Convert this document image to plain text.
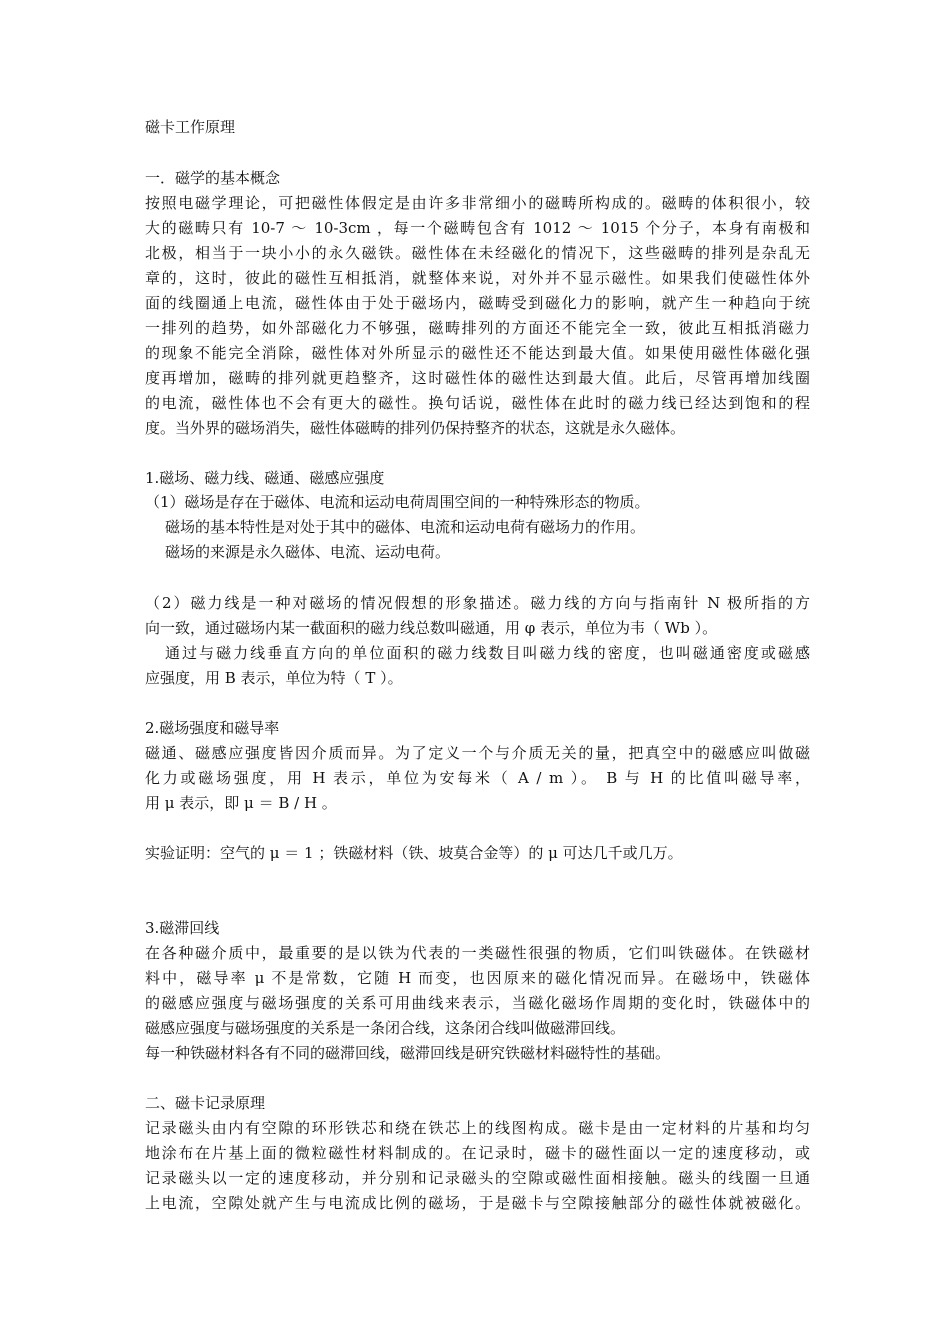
磁卡工作原理
一．磁学的基本概念
按照电磁学理论，可把磁性体假定是由许多非常细小的磁畴所构成的。磁畴的体积很小，较
大的磁畴只有 10-7 ～ 10-3cm ，每一个磁畴包含有 1012 ～ 1015 个分子，本身有南极和
北极，相当于一块小小的永久磁铁。磁性体在未经磁化的情况下，这些磁畴的排列是杂乱无
章的，这时，彼此的磁性互相抵消，就整体来说，对外并不显示磁性。如果我们使磁性体外
面的线圈通上电流，磁性体由于处于磁场内，磁畴受到磁化力的影响，就产生一种趋向于统
一排列的趋势，如外部磁化力不够强，磁畴排列的方面还不能完全一致，彼此互相抵消磁力
的现象不能完全消除，磁性体对外所显示的磁性还不能达到最大值。如果使用磁性体磁化强
度再增加，磁畴的排列就更趋整齐，这时磁性体的磁性达到最大值。此后，尽管再增加线圈
的电流，磁性体也不会有更大的磁性。换句话说，磁性体在此时的磁力线已经达到饱和的程
度。当外界的磁场消失，磁性体磁畴的排列仍保持整齐的状态，这就是永久磁体。
1.磁场、磁力线、磁通、磁感应强度
（1）磁场是存在于磁体、电流和运动电荷周围空间的一种特殊形态的物质。
磁场的基本特性是对处于其中的磁体、电流和运动电荷有磁场力的作用。
磁场的来源是永久磁体、电流、运动电荷。
（2）磁力线是一种对磁场的情况假想的形象描述。磁力线的方向与指南针 N 极所指的方
向一致，通过磁场内某一截面积的磁力线总数叫磁通，用 φ 表示，单位为韦（ Wb ）。
通过与磁力线垂直方向的单位面积的磁力线数目叫磁力线的密度，也叫磁通密度或磁感
应强度，用 B 表示，单位为特（ T ）。
2.磁场强度和磁导率
磁通、磁感应强度皆因介质而异。为了定义一个与介质无关的量，把真空中的磁感应叫做磁
化力或磁场强度，用 H 表示，单位为安每米（ A / m ）。 B 与 H 的比值叫磁导率，
用 μ 表示，即 μ ＝ B / H 。
实验证明：空气的 μ ＝ 1 ；铁磁材料（铁、坡莫合金等）的 μ 可达几千或几万。
3.磁滞回线
在各种磁介质中，最重要的是以铁为代表的一类磁性很强的物质，它们叫铁磁体。在铁磁材
料中，磁导率 μ 不是常数，它随 H 而变，也因原来的磁化情况而异。在磁场中，铁磁体
的磁感应强度与磁场强度的关系可用曲线来表示，当磁化磁场作周期的变化时，铁磁体中的
磁感应强度与磁场强度的关系是一条闭合线，这条闭合线叫做磁滞回线。
每一种铁磁材料各有不同的磁滞回线，磁滞回线是研究铁磁材料磁特性的基础。
二、磁卡记录原理
记录磁头由内有空隙的环形铁芯和绕在铁芯上的线图构成。磁卡是由一定材料的片基和均匀
地涂布在片基上面的微粒磁性材料制成的。在记录时，磁卡的磁性面以一定的速度移动，或
记录磁头以一定的速度移动，并分别和记录磁头的空隙或磁性面相接触。磁头的线圈一旦通
上电流，空隙处就产生与电流成比例的磁场，于是磁卡与空隙接触部分的磁性体就被磁化。
